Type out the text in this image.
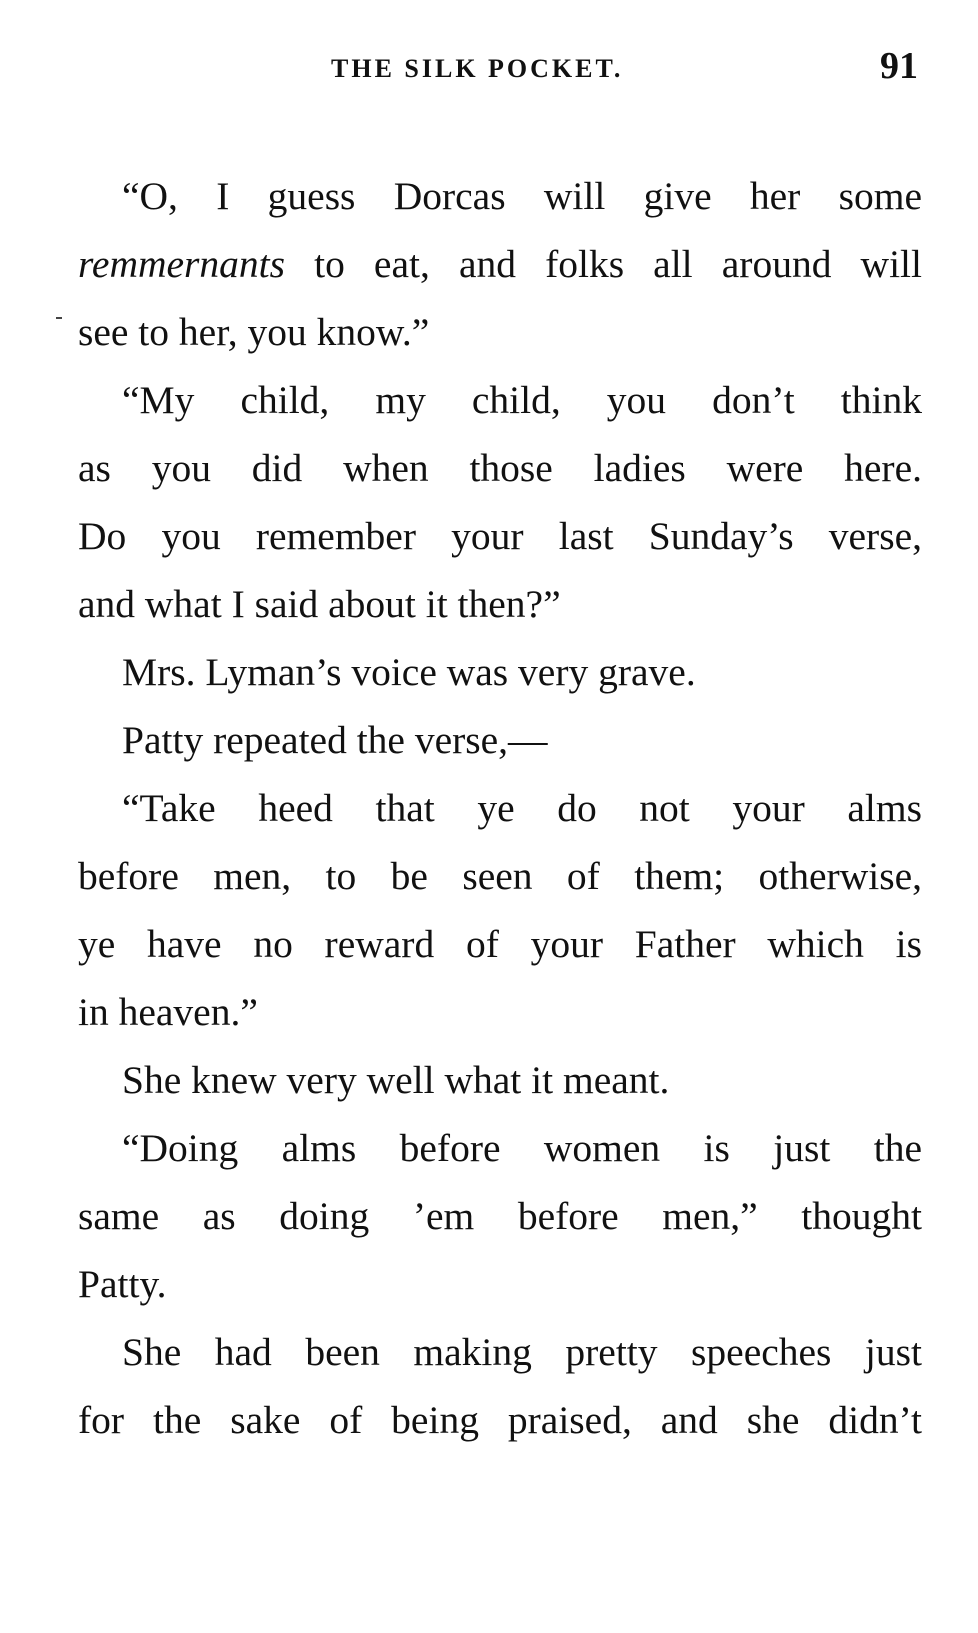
THE SILK POCKET.	91
“O, I guess Dorcas will give her some
remmernants to eat, and folks all around will
see to her, you know.”
“My child, my child, you don’t think
as you did when those ladies were here.
Do you remember your last Sunday’s verse,
and what I said about it then?”
Mrs. Lyman’s voice was very grave.
Patty repeated the verse,—
“Take heed that ye do not your alms
before men, to be seen of them; otherwise,
ye have no reward of your Father which is
in heaven.”
She knew very well what it meant.
“Doing alms before women is just the
same as doing ’em before men,” thought
Patty.
She had been making pretty speeches just
for the sake of being praised, and she didn’t
